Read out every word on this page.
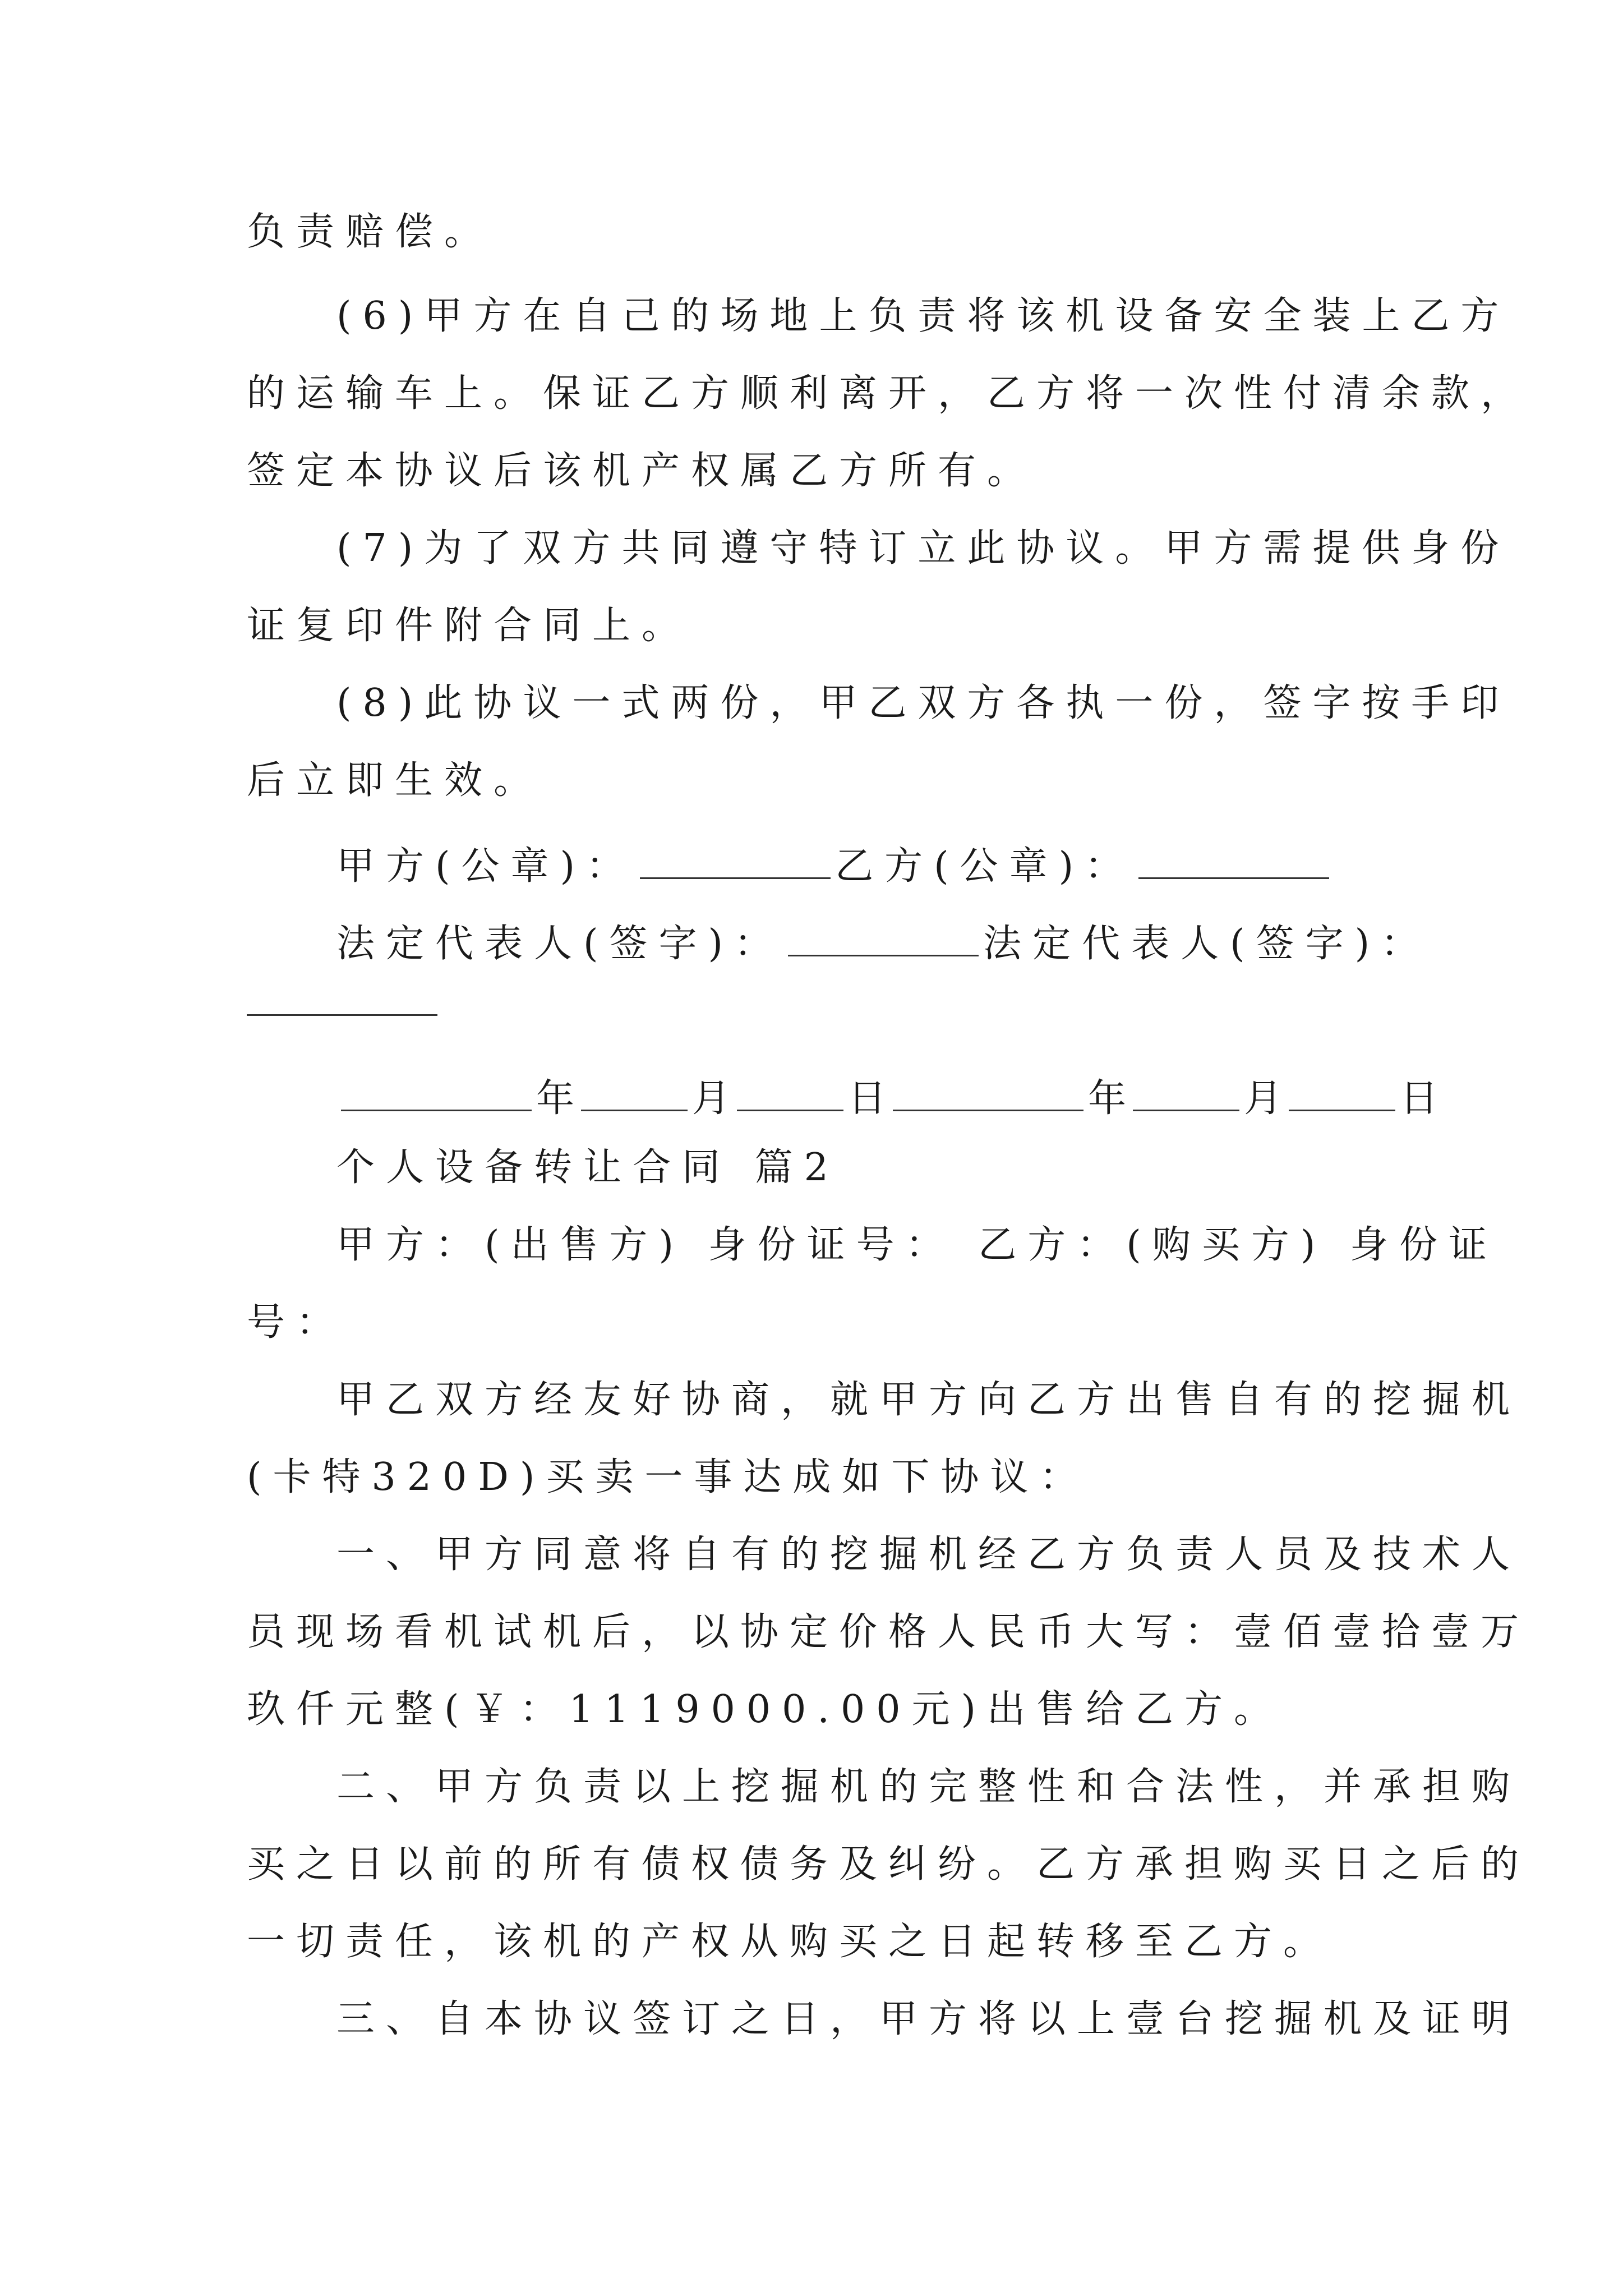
负责赔偿。
(6)甲方在自己的场地上负责将该机设备安全装上乙方
的运输车上。保证乙方顺利离开，乙方将一次性付清余款，
签定本协议后该机产权属乙方所有。
(7)为了双方共同遵守特订立此协议。甲方需提供身份
证复印件附合同上。
(8)此协议一式两份，甲乙双方各执一份，签字按手印
后立即生效。
甲方(公章)：	乙方(公章)：
法定代表人(签字)：	法定代表人(签字)：
年	月	日	年	月	日
个人设备转让合同 篇2
甲方：(出售方) 身份证号： 乙方：(购买方) 身份证
号：
甲乙双方经友好协商，就甲方向乙方出售自有的挖掘机
(卡特320D)买卖一事达成如下协议：
一、甲方同意将自有的挖掘机经乙方负责人员及技术人
员现场看机试机后，以协定价格人民币大写：壹佰壹拾壹万
玖仟元整(￥：1119000.00元)出售给乙方。
二、甲方负责以上挖掘机的完整性和合法性，并承担购
买之日以前的所有债权债务及纠纷。乙方承担购买日之后的
一切责任，该机的产权从购买之日起转移至乙方。
三、自本协议签订之日，甲方将以上壹台挖掘机及证明
